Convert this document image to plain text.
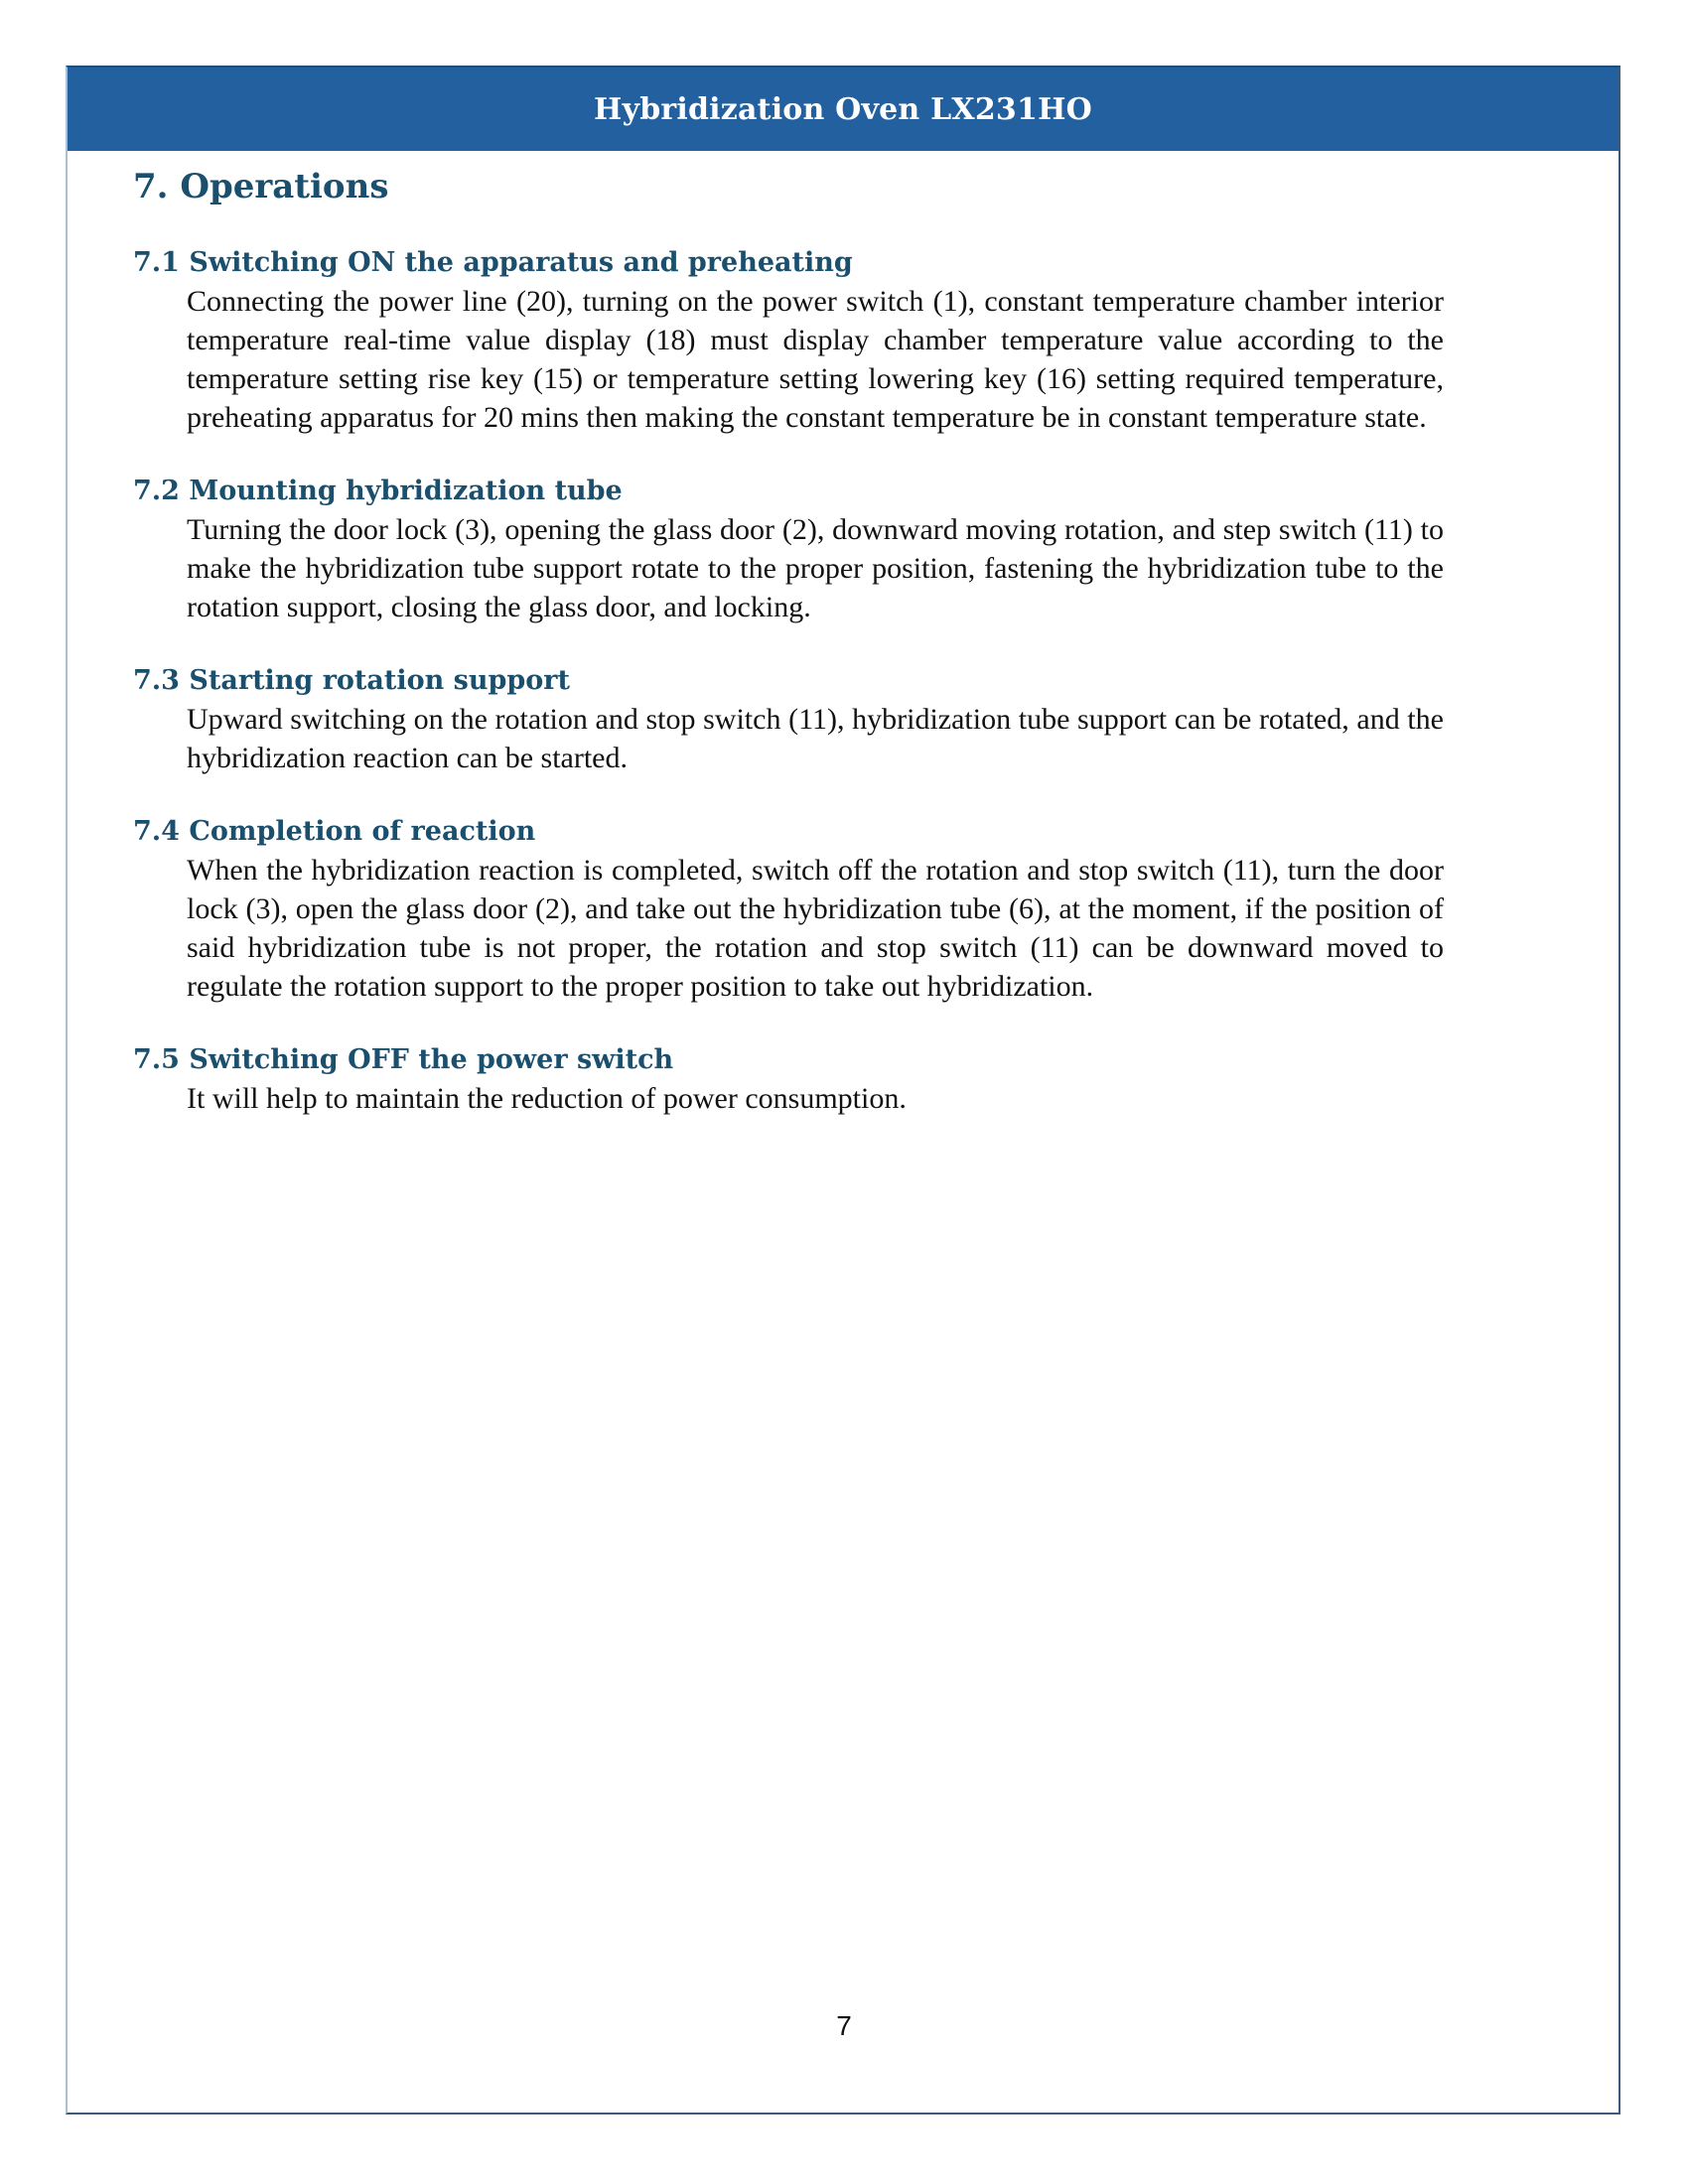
Hybridization Oven LX231HO
7. Operations
7.1 Switching ON the apparatus and preheating

Connecting the power line (20), turning on the power switch (1), constant temperature chamber interior temperature real-time value display (18) must display chamber temperature value according to the temperature setting rise key (15) or temperature setting lowering key (16) setting required temperature, preheating apparatus for 20 mins then making the constant temperature be in constant temperature state.

7.2 Mounting hybridization tube

Turning the door lock (3), opening the glass door (2), downward moving rotation, and step switch (11) to make the hybridization tube support rotate to the proper position, fastening the hybridization tube to the rotation support, closing the glass door, and locking.

7.3 Starting rotation support

Upward switching on the rotation and stop switch (11), hybridization tube support can be rotated, and the hybridization reaction can be started.

7.4 Completion of reaction

When the hybridization reaction is completed, switch off the rotation and stop switch (11), turn the door lock (3), open the glass door (2), and take out the hybridization tube (6), at the moment, if the position of said hybridization tube is not proper, the rotation and stop switch (11) can be downward moved to regulate the rotation support to the proper position to take out hybridization.

7.5 Switching OFF the power switch

It will help to maintain the reduction of power consumption.

7
